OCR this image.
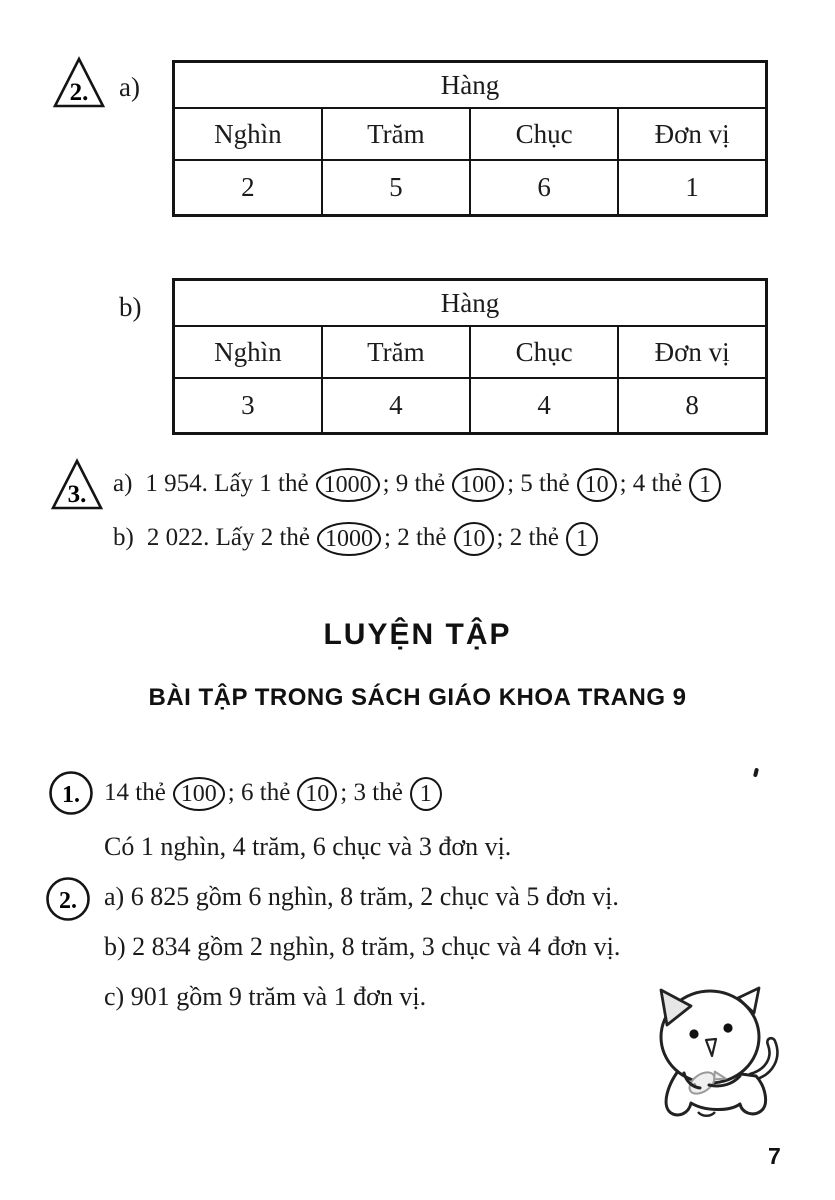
2. a)	Hàng			
Nghìn	Trăm	Chục	Đơn vị
2	5	6	1
b)	Hàng			
Nghìn	Trăm	Chục	Đơn vị
3	4	4	8
3. a) 1 954. Lấy 1 thẻ 1000 ; 9 thẻ 100 ; 5 thẻ 10 ; 4 thẻ 1
b) 2 022. Lấy 2 thẻ 1000 ; 2 thẻ 10 ; 2 thẻ 1
LUYỆN TẬP
BÀI TẬP TRONG SÁCH GIÁO KHOA TRANG 9
1. 14 thẻ 100 ; 6 thẻ 10 ; 3 thẻ 1
Có 1 nghìn, 4 trăm, 6 chục và 3 đơn vị.
2. a) 6 825 gồm 6 nghìn, 8 trăm, 2 chục và 5 đơn vị.
b) 2 834 gồm 2 nghìn, 8 trăm, 3 chục và 4 đơn vị.
c) 901 gồm 9 trăm và 1 đơn vị.
7
